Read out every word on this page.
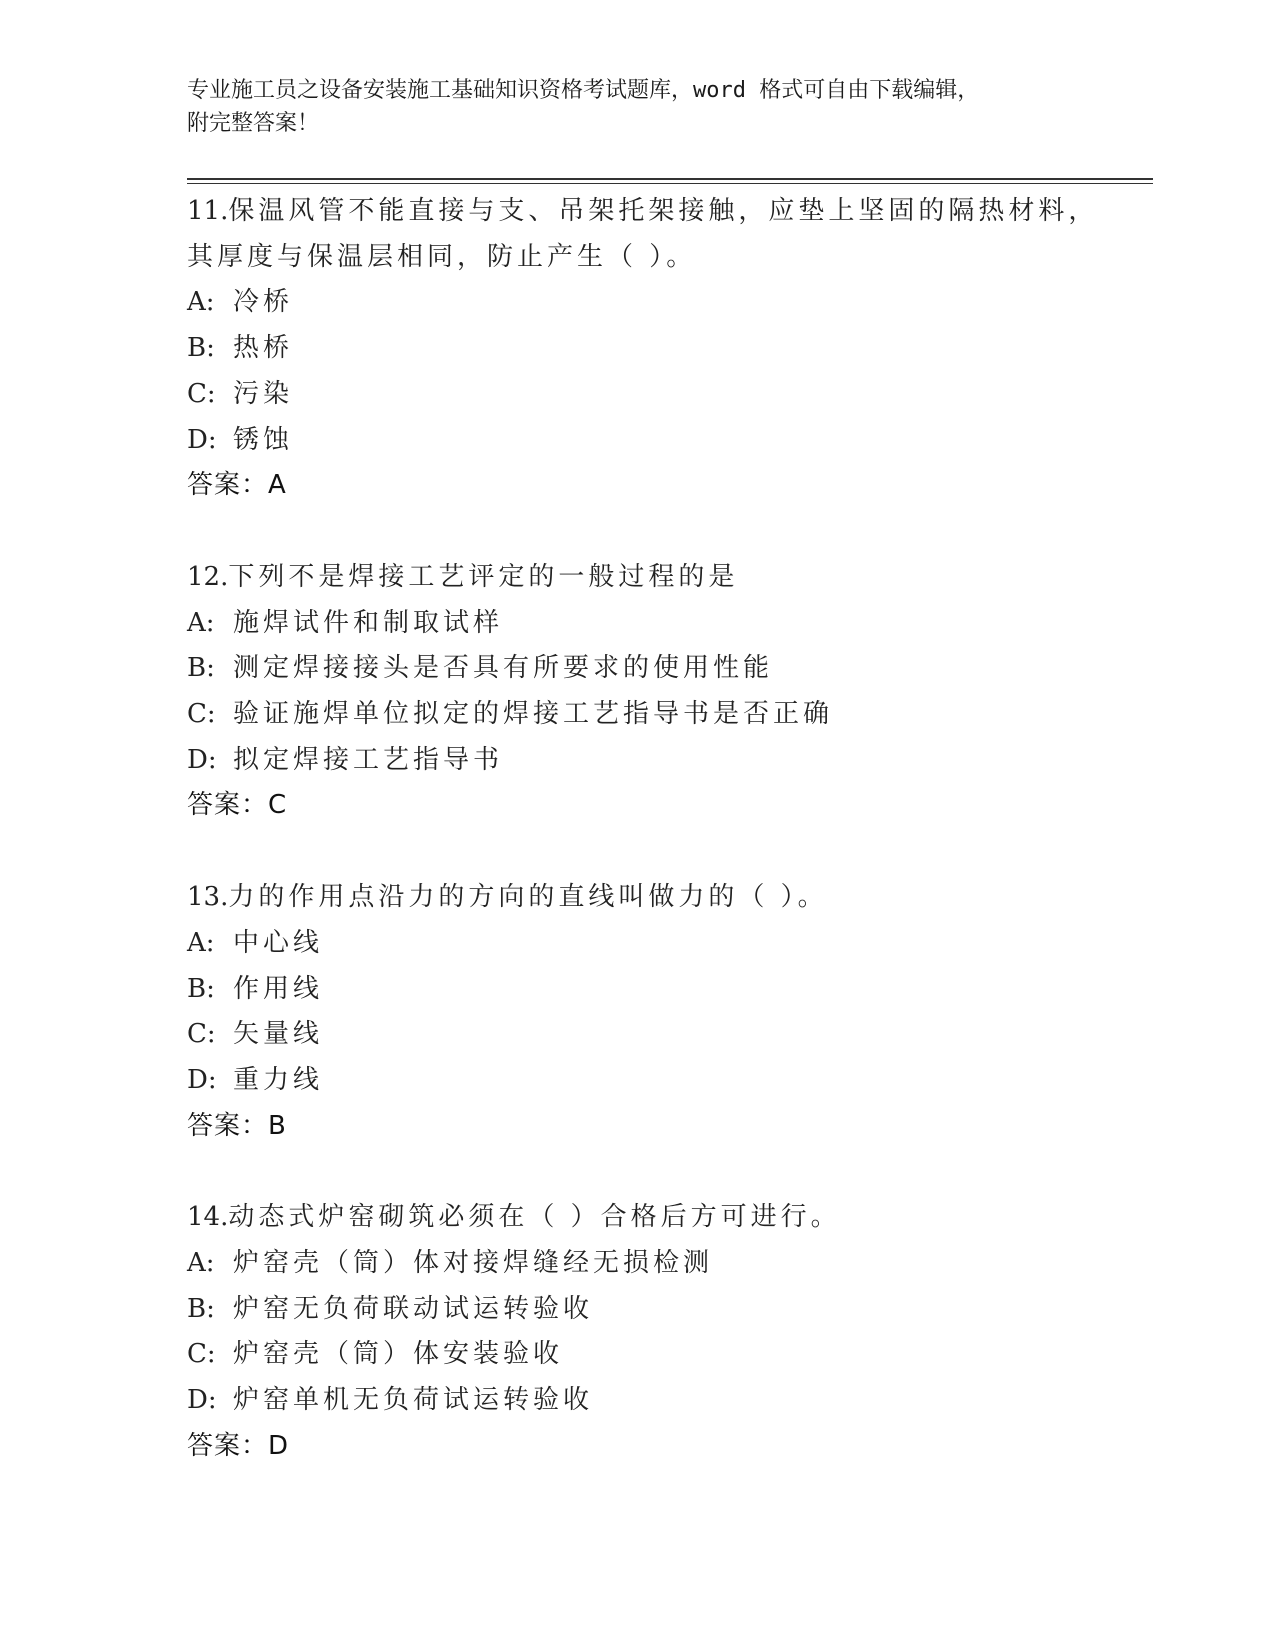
专业施工员之设备安装施工基础知识资格考试题库，word 格式可自由下载编辑，
附完整答案！
11.保温风管不能直接与支、吊架托架接触，应垫上坚固的隔热材料，
其厚度与保温层相同，防止产生（ ）。
A: 冷桥
B: 热桥
C: 污染
D: 锈蚀
答案：A
12.下列不是焊接工艺评定的一般过程的是
A: 施焊试件和制取试样
B: 测定焊接接头是否具有所要求的使用性能
C: 验证施焊单位拟定的焊接工艺指导书是否正确
D: 拟定焊接工艺指导书
答案：C
13.力的作用点沿力的方向的直线叫做力的（ ）。
A: 中心线
B: 作用线
C: 矢量线
D: 重力线
答案：B
14.动态式炉窑砌筑必须在（ ）合格后方可进行。
A: 炉窑壳（筒）体对接焊缝经无损检测
B: 炉窑无负荷联动试运转验收
C: 炉窑壳（筒）体安装验收
D: 炉窑单机无负荷试运转验收
答案：D
